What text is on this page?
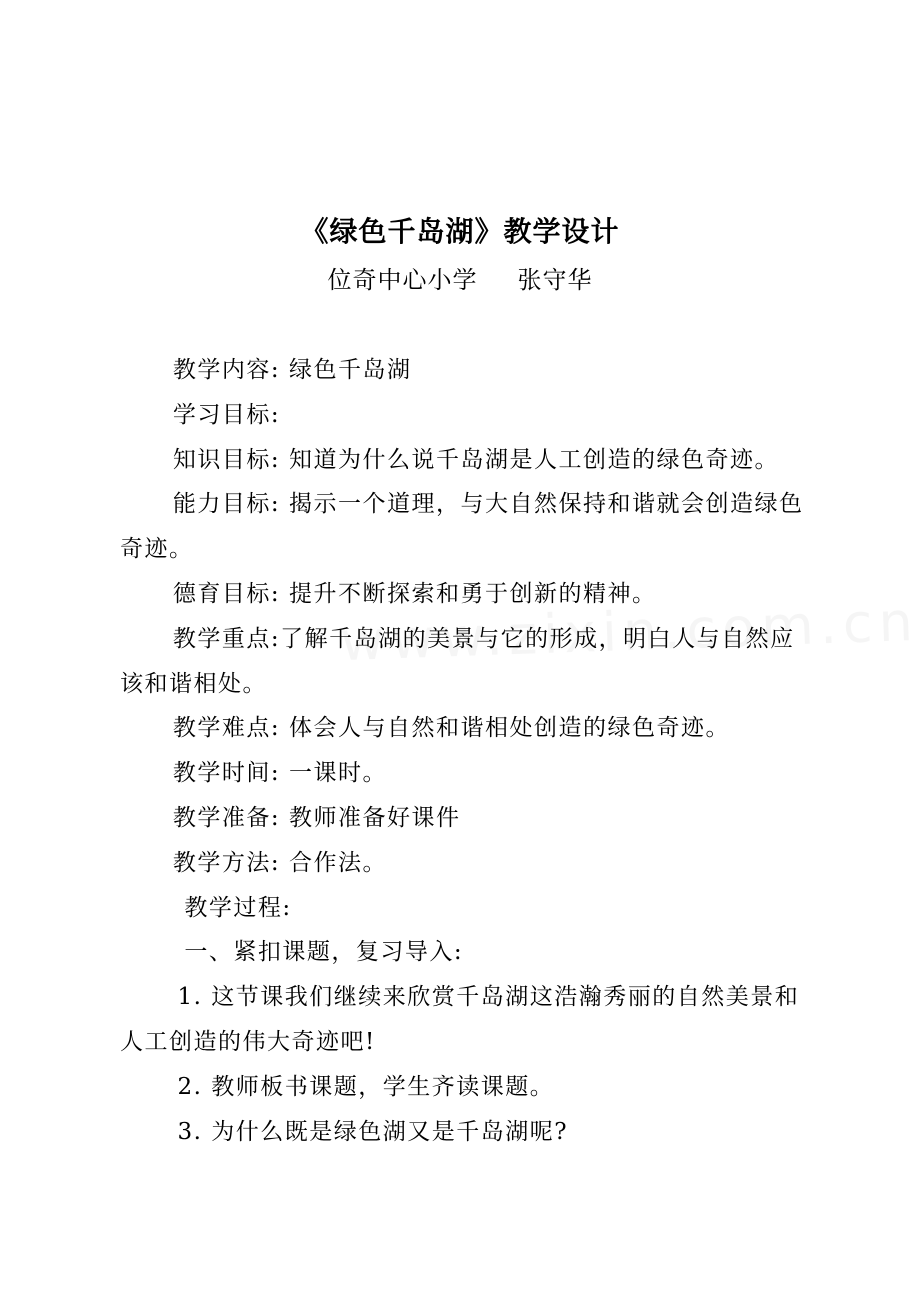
《绿色千岛湖》教学设计
位奇中心小学 张守华

教学内容: 绿色千岛湖

学习目标:

知识目标: 知道为什么说千岛湖是人工创造的绿色奇迹。

能力目标: 揭示一个道理，与大自然保持和谐就会创造绿色奇迹。

德育目标: 提升不断探索和勇于创新的精神。

教学重点:了解千岛湖的美景与它的形成，明白人与自然应该和谐相处。

教学难点: 体会人与自然和谐相处创造的绿色奇迹。

教学时间: 一课时。

教学准备: 教师准备好课件

教学方法: 合作法。

教学过程:

一、紧扣课题，复习导入:

1. 这节课我们继续来欣赏千岛湖这浩瀚秀丽的自然美景和人工创造的伟大奇迹吧!

2. 教师板书课题，学生齐读课题。

3. 为什么既是绿色湖又是千岛湖呢?
